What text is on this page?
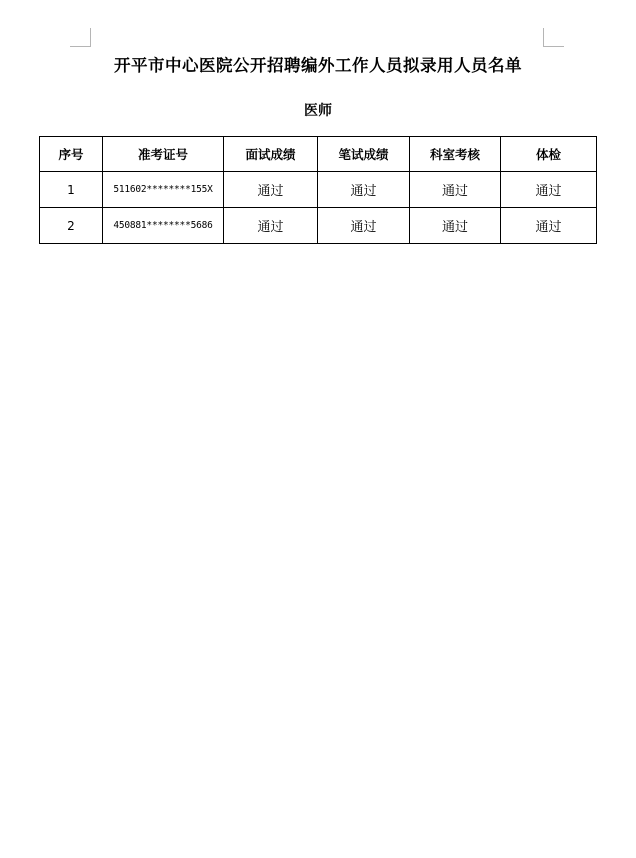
开平市中心医院公开招聘编外工作人员拟录用人员名单
医师
序号	准考证号	面试成绩	笔试成绩	科室考核	体检
1	511602********155X	通过	通过	通过	通过
2	450881********5686	通过	通过	通过	通过
